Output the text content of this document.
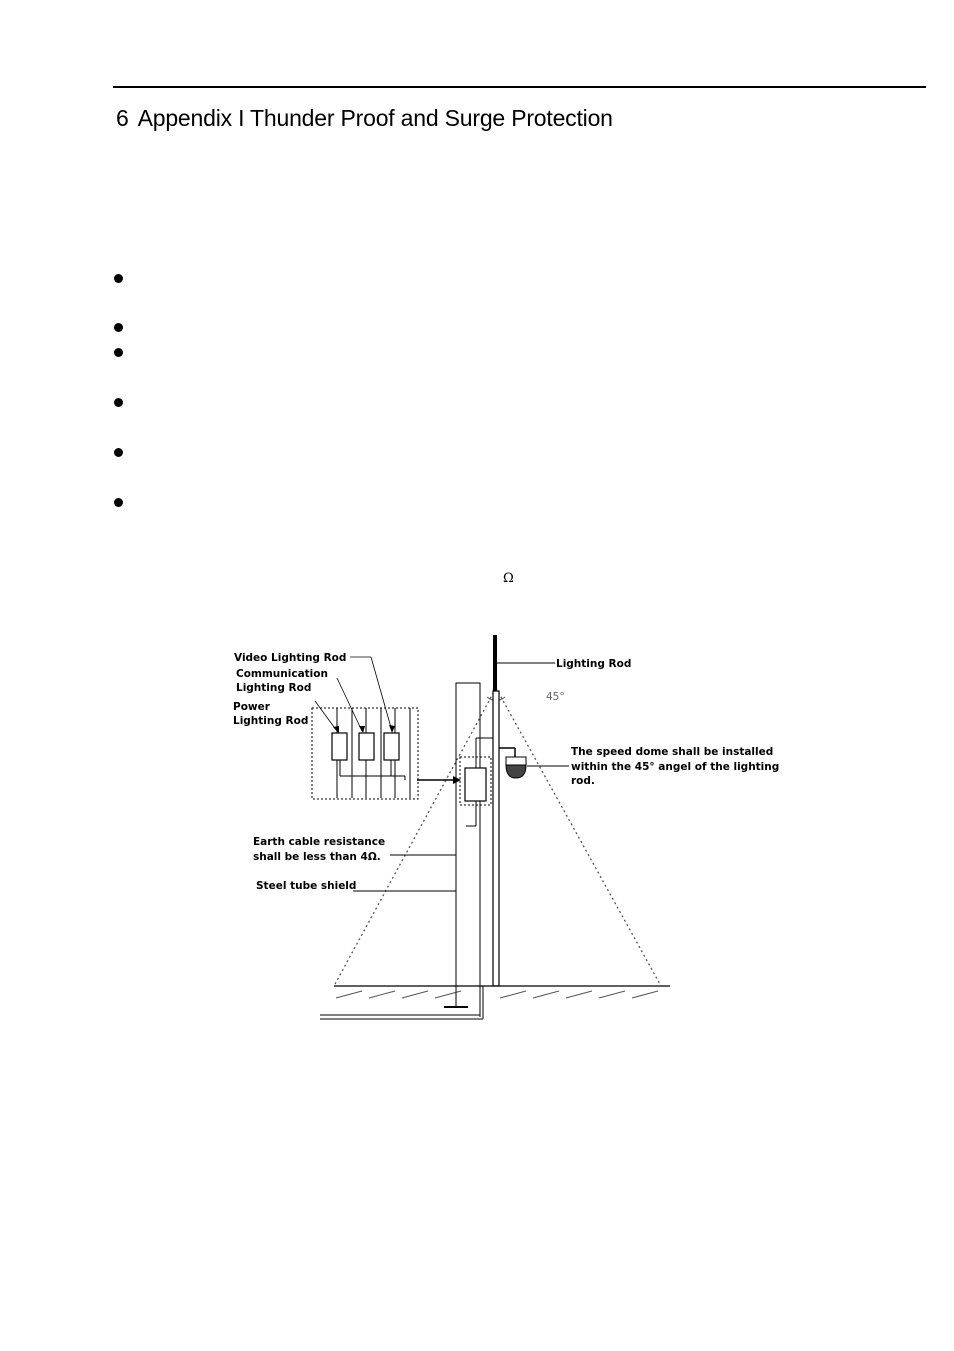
6 Appendix I Thunder Proof and Surge Protection
Ω
Video Lighting Rod
Communication
Lighting Rod
Power
Lighting Rod
Lighting Rod
45°
The speed dome shall be installed
within the 45° angel of the lighting
rod.
Earth cable resistance
shall be less than 4Ω.
Steel tube shield
